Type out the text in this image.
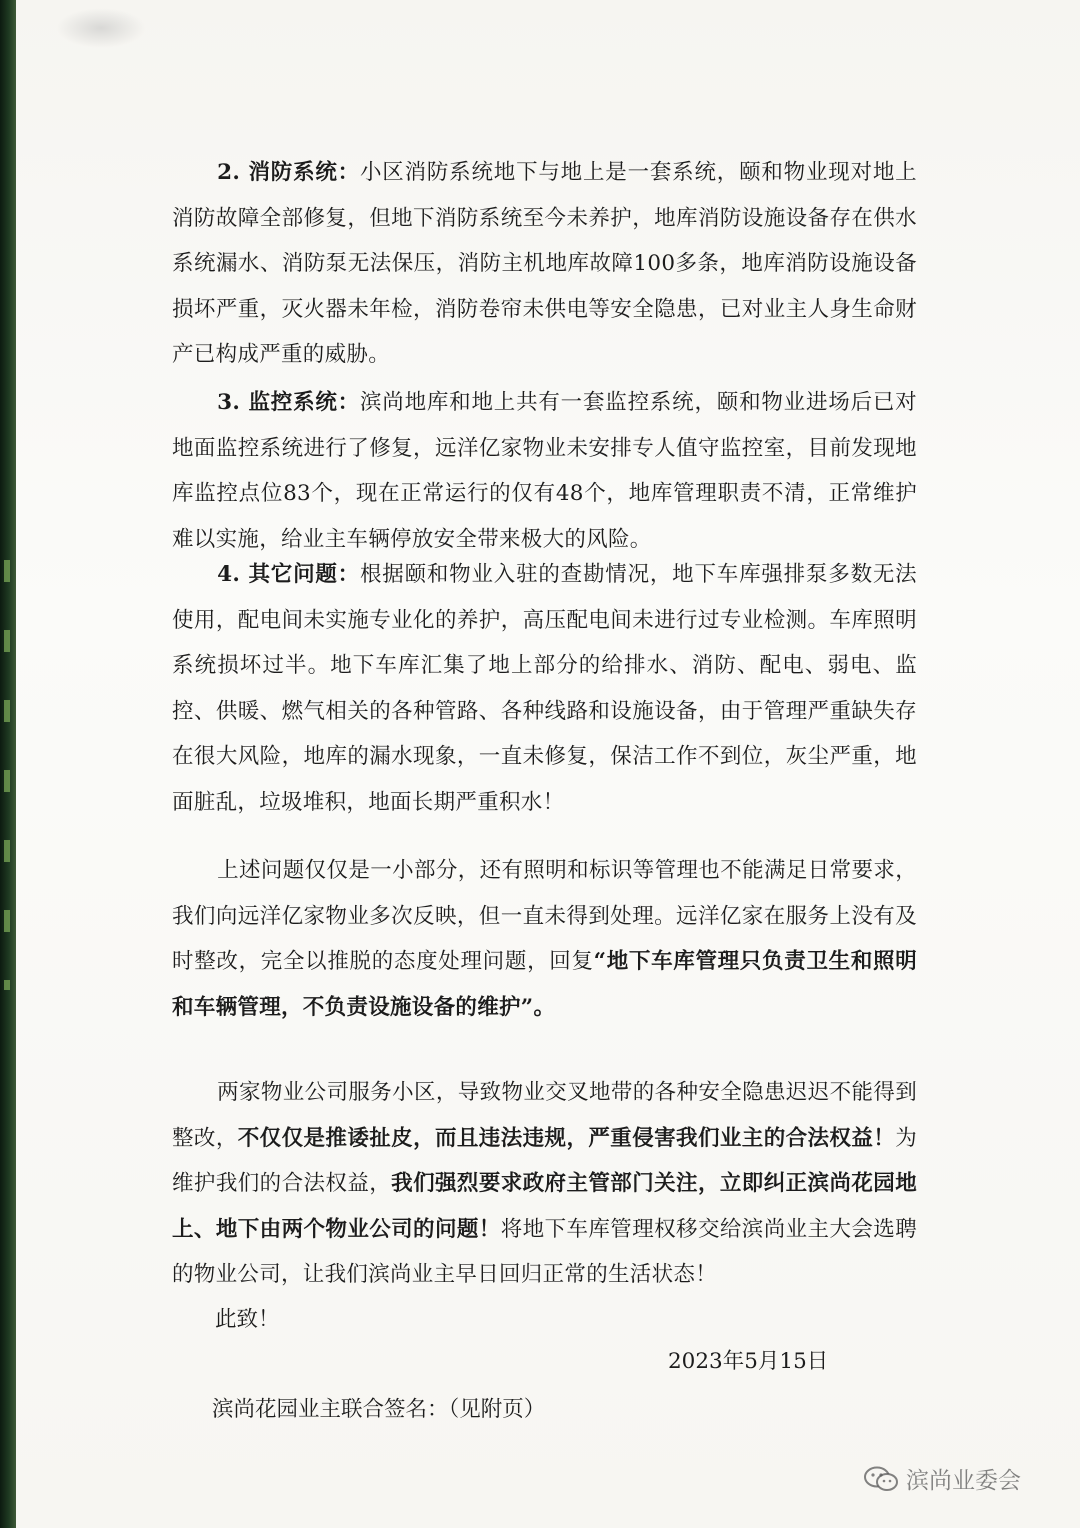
2. 消防系统：小区消防系统地下与地上是一套系统，颐和物业现对地上消防故障全部修复，但地下消防系统至今未养护，地库消防设施设备存在供水系统漏水、消防泵无法保压，消防主机地库故障100多条，地库消防设施设备损坏严重，灭火器未年检，消防卷帘未供电等安全隐患，已对业主人身生命财产已构成严重的威胁。

3. 监控系统：滨尚地库和地上共有一套监控系统，颐和物业进场后已对地面监控系统进行了修复，远洋亿家物业未安排专人值守监控室，目前发现地库监控点位83个，现在正常运行的仅有48个，地库管理职责不清，正常维护难以实施，给业主车辆停放安全带来极大的风险。

4. 其它问题：根据颐和物业入驻的查勘情况，地下车库强排泵多数无法使用，配电间未实施专业化的养护，高压配电间未进行过专业检测。车库照明系统损坏过半。地下车库汇集了地上部分的给排水、消防、配电、弱电、监控、供暖、燃气相关的各种管路、各种线路和设施设备，由于管理严重缺失存在很大风险，地库的漏水现象，一直未修复，保洁工作不到位，灰尘严重，地面脏乱，垃圾堆积，地面长期严重积水！

上述问题仅仅是一小部分，还有照明和标识等管理也不能满足日常要求，我们向远洋亿家物业多次反映，但一直未得到处理。远洋亿家在服务上没有及时整改，完全以推脱的态度处理问题，回复“地下车库管理只负责卫生和照明和车辆管理，不负责设施设备的维护”。

两家物业公司服务小区，导致物业交叉地带的各种安全隐患迟迟不能得到整改，不仅仅是推诿扯皮，而且违法违规，严重侵害我们业主的合法权益！为维护我们的合法权益，我们强烈要求政府主管部门关注，立即纠正滨尚花园地上、地下由两个物业公司的问题！将地下车库管理权移交给滨尚业主大会选聘的物业公司，让我们滨尚业主早日回归正常的生活状态！

此致！
2023年5月15日
滨尚花园业主联合签名：（见附页）
滨尚业委会
